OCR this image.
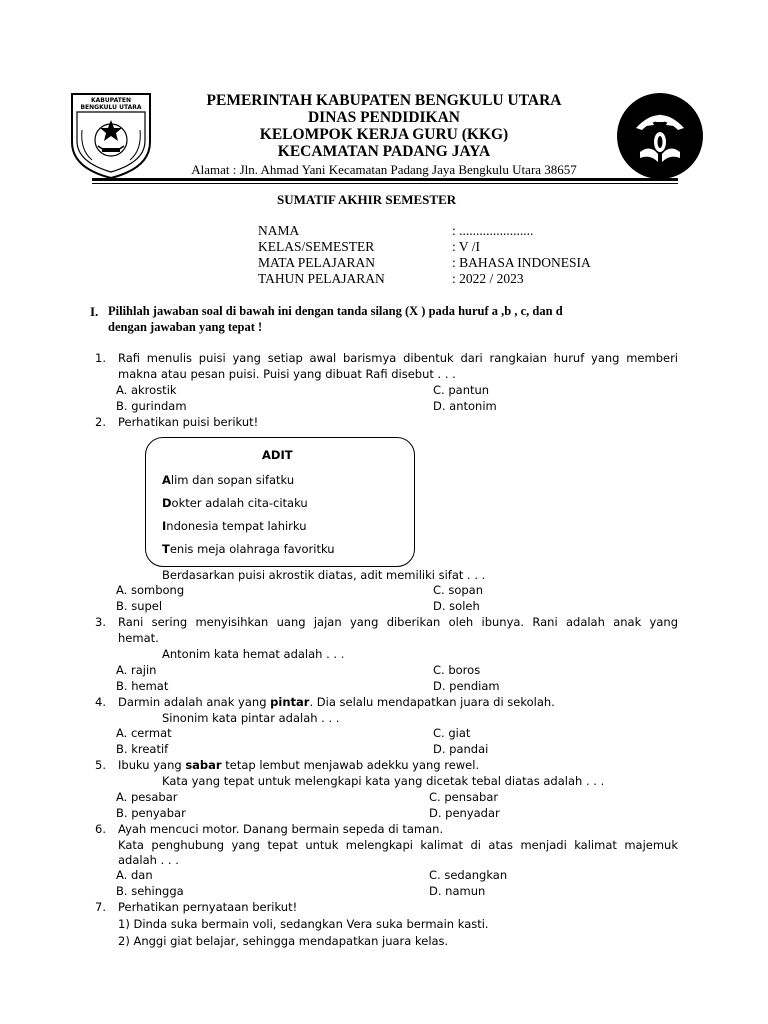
KABUPATEN
BENGKULU UTARA	PEMERINTAH KABUPATEN BENGKULU UTARA
DINAS PENDIDIKAN
KELOMPOK KERJA GURU (KKG)
KECAMATAN PADANG JAYA
Alamat : Jln. Ahmad Yani Kecamatan Padang Jaya Bengkulu Utara 38657
SUMATIF AKHIR SEMESTER
NAMA	: ......................
KELAS/SEMESTER	: V /I
MATA PELAJARAN	: BAHASA INDONESIA
TAHUN PELAJARAN	: 2022 / 2023
I. Pilihlah jawaban soal di bawah ini dengan tanda silang (X ) pada huruf a ,b , c, dan d
dengan jawaban yang tepat !
1. Rafi menulis puisi yang setiap awal barismya dibentuk dari rangkaian huruf yang memberi
makna atau pesan puisi. Puisi yang dibuat Rafi disebut . . .
A. akrostik	C. pantun
B. gurindam	D. antonim
2. Perhatikan puisi berikut!
ADIT
Alim dan sopan sifatku
Dokter adalah cita-citaku
Indonesia tempat lahirku
Tenis meja olahraga favoritku
Berdasarkan puisi akrostik diatas, adit memiliki sifat . . .
A. sombong	C. sopan
B. supel	D. soleh
3. Rani sering menyisihkan uang jajan yang diberikan oleh ibunya. Rani adalah anak yang
hemat.
Antonim kata hemat adalah . . .
A. rajin	C. boros
B. hemat	D. pendiam
4. Darmin adalah anak yang pintar. Dia selalu mendapatkan juara di sekolah.
Sinonim kata pintar adalah . . .
A. cermat	C. giat
B. kreatif	D. pandai
5. Ibuku yang sabar tetap lembut menjawab adekku yang rewel.
Kata yang tepat untuk melengkapi kata yang dicetak tebal diatas adalah . . .
A. pesabar	C. pensabar
B. penyabar	D. penyadar
6. Ayah mencuci motor. Danang bermain sepeda di taman.
Kata penghubung yang tepat untuk melengkapi kalimat di atas menjadi kalimat majemuk
adalah . . .
A. dan	C. sedangkan
B. sehingga	D. namun
7. Perhatikan pernyataan berikut!
1) Dinda suka bermain voli, sedangkan Vera suka bermain kasti.
2) Anggi giat belajar, sehingga mendapatkan juara kelas.
